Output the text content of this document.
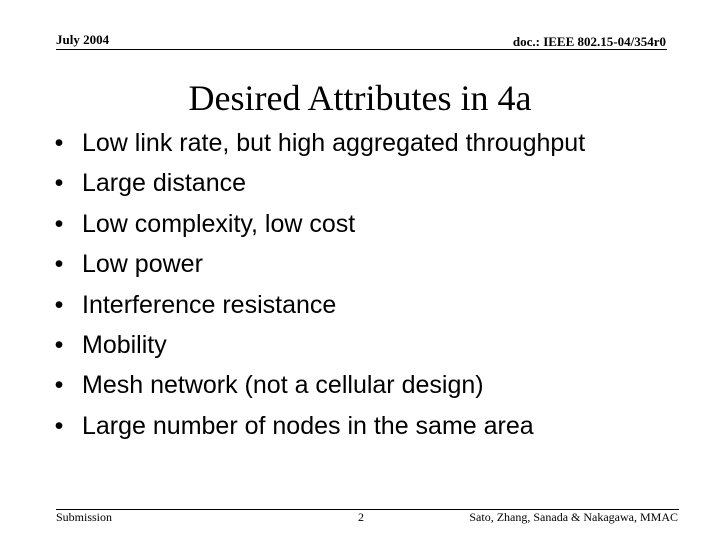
July 2004	doc.: IEEE 802.15-04/354r0
Desired Attributes in 4a
• Low link rate, but high aggregated throughput
• Large distance
• Low complexity, low cost
• Low power
• Interference resistance
• Mobility
• Mesh network (not a cellular design)
• Large number of nodes in the same area
Submission	2	Sato, Zhang, Sanada & Nakagawa, MMAC
